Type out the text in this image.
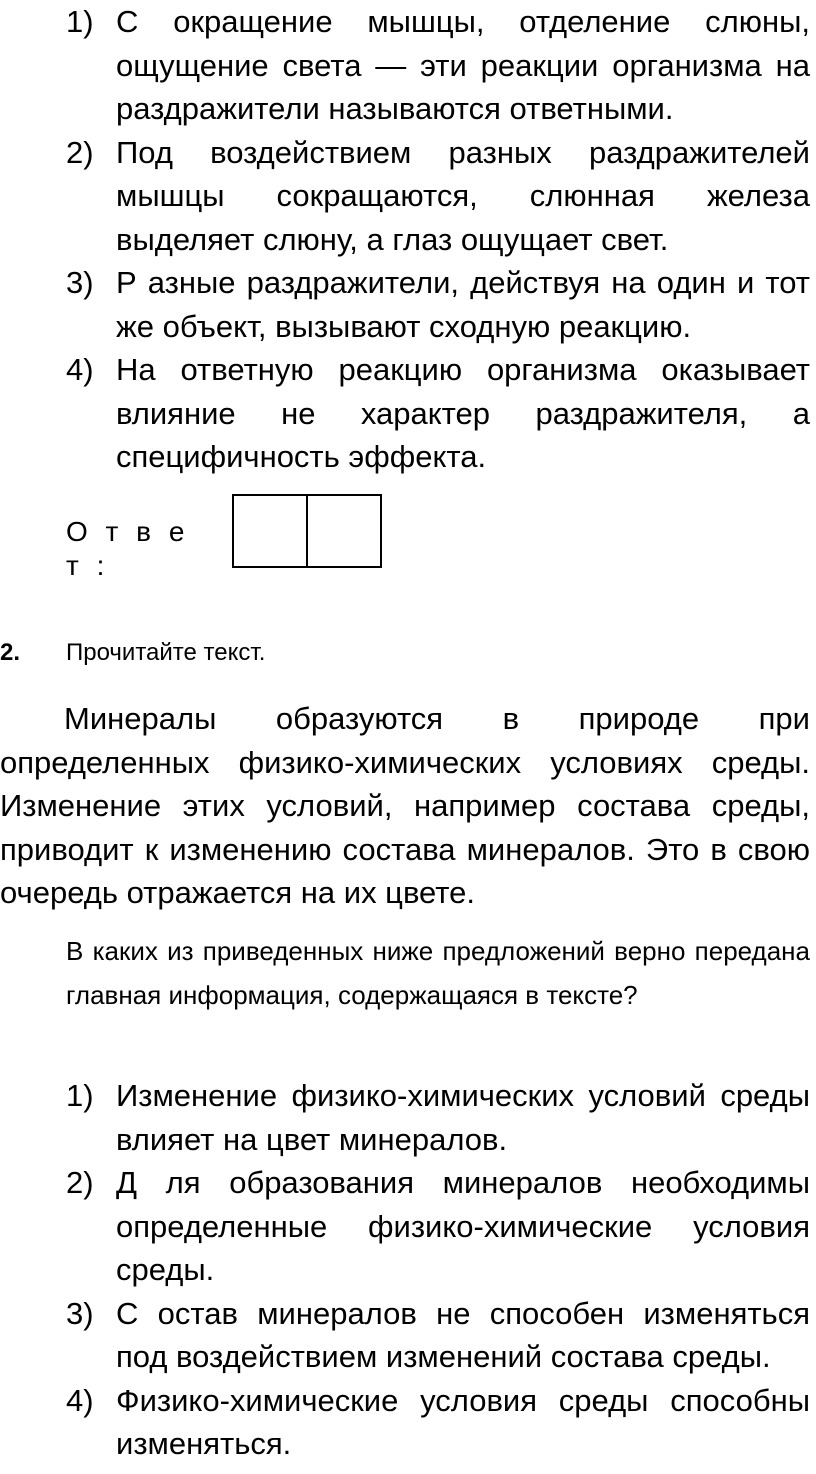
1) С окращение мышцы, отделение слюны, ощущение света — эти реакции организма на раздражители называются ответными.
2) Под воздействием разных раздражителей мышцы сокращаются, слюнная железа выделяет слюну, а глаз ощущает свет.
3) Р азные раздражители, действуя на один и тот же объект, вызывают сходную реакцию.
4) На ответную реакцию организма оказывает влияние не характер раздражителя, а специфичность эффекта.
О т в е т :
2. Прочитайте текст.

Минералы образуются в природе при определенных физико-химических условиях среды. Изменение этих условий, например состава среды, приводит к изменению состава минералов. Это в свою очередь отражается на их цвете.

В каких из приведенных ниже предложений верно передана главная информация, содержащаяся в тексте?

1) Изменение физико-химических условий среды влияет на цвет минералов.
2) Д ля образования минералов необходимы определенные физико-химические условия среды.
3) С остав минералов не способен изменяться под воздействием изменений состава среды.
4) Физико-химические условия среды способны изменяться.
